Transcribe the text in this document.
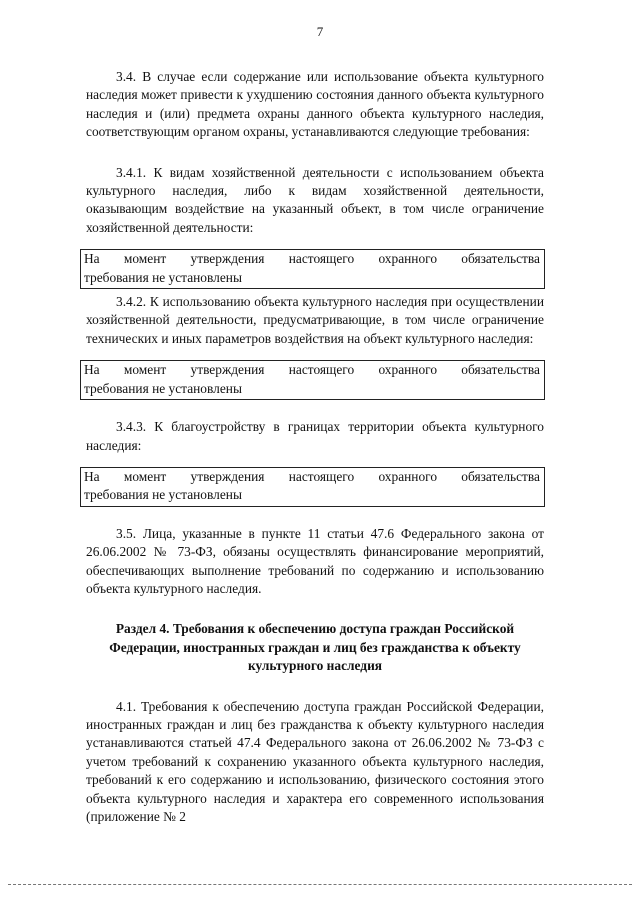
7

3.4. В случае если содержание или использование объекта культурного наследия может привести к ухудшению состояния данного объекта культурного наследия и (или) предмета охраны данного объекта культурного наследия, соответствующим органом охраны, устанавливаются следующие требования:

3.4.1. К видам хозяйственной деятельности с использованием объекта культурного наследия, либо к видам хозяйственной деятельности, оказывающим воздействие на указанный объект, в том числе ограничение хозяйственной деятельности:

На момент утверждения настоящего охранного обязательства
требования не установлены

3.4.2. К использованию объекта культурного наследия при осуществлении хозяйственной деятельности, предусматривающие, в том числе ограничение технических и иных параметров воздействия на объект культурного наследия:

На момент утверждения настоящего охранного обязательства
требования не установлены

3.4.3. К благоустройству в границах территории объекта культурного наследия:

На момент утверждения настоящего охранного обязательства
требования не установлены

3.5. Лица, указанные в пункте 11 статьи 47.6 Федерального закона от 26.06.2002 № 73-ФЗ, обязаны осуществлять финансирование мероприятий, обеспечивающих выполнение требований по содержанию и использованию объекта культурного наследия.

Раздел 4. Требования к обеспечению доступа граждан Российской Федерации, иностранных граждан и лиц без гражданства к объекту культурного наследия

4.1. Требования к обеспечению доступа граждан Российской Федерации, иностранных граждан и лиц без гражданства к объекту культурного наследия устанавливаются статьей 47.4 Федерального закона от 26.06.2002 № 73-ФЗ с учетом требований к сохранению указанного объекта культурного наследия, требований к его содержанию и использованию, физического состояния этого объекта культурного наследия и характера его современного использования (приложение № 2
